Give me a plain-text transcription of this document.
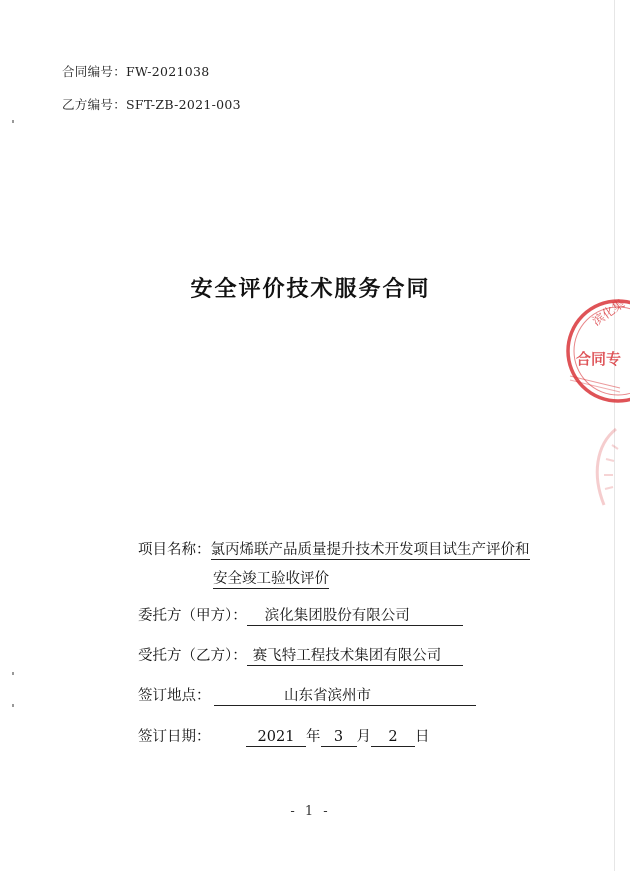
合同编号：FW-2021038
乙方编号：SFT-ZB-2021-003
安全评价技术服务合同
项目名称：氯丙烯联产品质量提升技术开发项目试生产评价和
安全竣工验收评价
委托方（甲方）： 滨化集团股份有限公司
受托方（乙方）： 赛飞特工程技术集团有限公司
签订地点：	山东省滨州市
签订日期：	2021 年 3 月 2 日
滨化集
合同专
- 1 -
